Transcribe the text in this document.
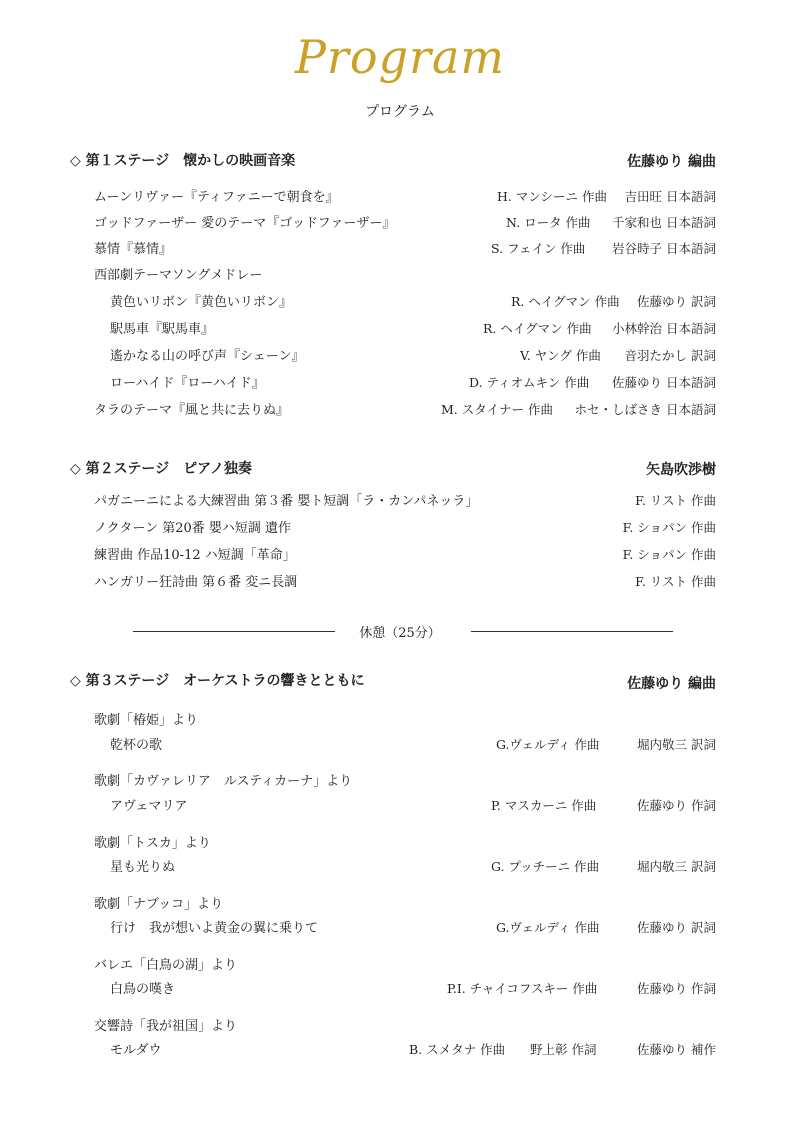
Program
プログラム
◇ 第１ステージ　懐かしの映画音楽	佐藤ゆり 編曲
ムーンリヴァー『ティファニーで朝食を』	H. マンシーニ 作曲 吉田旺 日本語詞
ゴッドファーザー 愛のテーマ『ゴッドファーザー』	N. ロータ 作曲 千家和也 日本語詞
慕情『慕情』	S. フェイン 作曲 岩谷時子 日本語詞
西部劇テーマソングメドレー
黄色いリボン『黄色いリボン』	R. ヘイグマン 作曲 佐藤ゆり 訳詞
駅馬車『駅馬車』	R. ヘイグマン 作曲 小林幹治 日本語詞
遙かなる山の呼び声『シェーン』	V. ヤング 作曲 音羽たかし 訳詞
ローハイド『ローハイド』	D. ティオムキン 作曲 佐藤ゆり 日本語詞
タラのテーマ『風と共に去りぬ』	M. スタイナー 作曲 ホセ・しばさき 日本語詞
◇ 第２ステージ　ピアノ独奏	矢島吹渉樹
パガニーニによる大練習曲 第３番 嬰ト短調「ラ・カンパネッラ」	F. リスト 作曲
ノクターン 第20番 嬰ハ短調 遺作	F. ショパン 作曲
練習曲 作品10-12 ハ短調「革命」	F. ショパン 作曲
ハンガリー狂詩曲 第６番 変ニ長調	F. リスト 作曲
休憩（25分）
◇ 第３ステージ　オーケストラの響きとともに	佐藤ゆり 編曲
歌劇「椿姫」より
乾杯の歌	G.ヴェルディ 作曲	堀内敬三 訳詞
歌劇「カヴァレリア　ルスティカーナ」より
アヴェマリア	P. マスカーニ 作曲	佐藤ゆり 作詞
歌劇「トスカ」より
星も光りぬ	G. プッチーニ 作曲	堀内敬三 訳詞
歌劇「ナブッコ」より
行け　我が想いよ黄金の翼に乗りて	G.ヴェルディ 作曲	佐藤ゆり 訳詞
バレエ「白鳥の湖」より
白鳥の嘆き	P.I. チャイコフスキー 作曲	佐藤ゆり 作詞
交響詩「我が祖国」より
モルダウ	B. スメタナ 作曲 野上彰 作詞	佐藤ゆり 補作
